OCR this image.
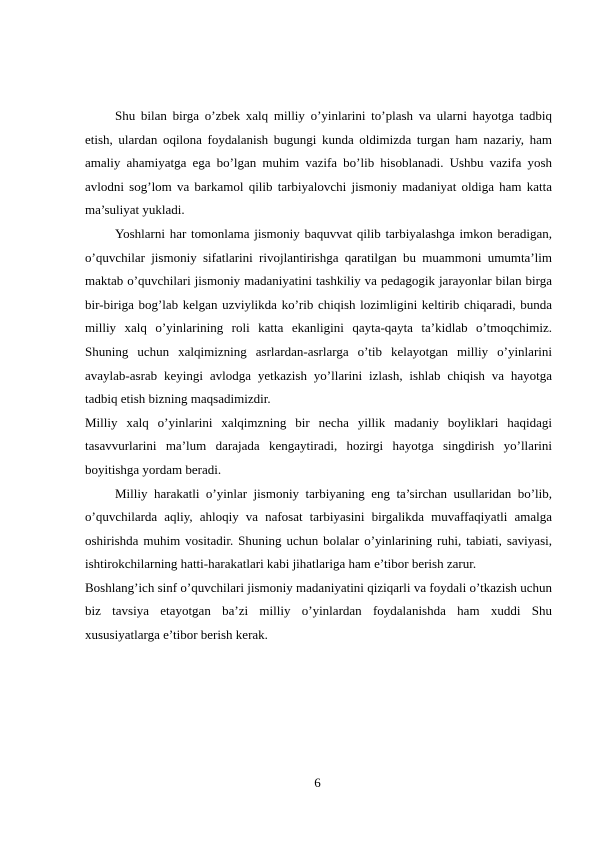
Shu bilan birga o’zbek xalq milliy o’yinlarini to’plash va ularni hayotga tadbiq etish, ulardan oqilona foydalanish bugungi kunda oldimizda turgan ham nazariy, ham amaliy ahamiyatga ega bo’lgan muhim vazifa bo’lib hisoblanadi. Ushbu vazifa yosh avlodni sog’lom va barkamol qilib tarbiyalovchi jismoniy madaniyat oldiga ham katta ma’suliyat yukladi.

Yoshlarni har tomonlama jismoniy baquvvat qilib tarbiyalashga imkon beradigan, o’quvchilar jismoniy sifatlarini rivojlantirishga qaratilgan bu muammoni umumta’lim maktab o’quvchilari jismoniy madaniyatini tashkiliy va pedagogik jarayonlar bilan birga bir-biriga bog’lab kelgan uzviylikda ko’rib chiqish lozimligini keltirib chiqaradi, bunda milliy xalq o’yinlarining roli katta ekanligini qayta-qayta ta’kidlab o’tmoqchimiz. Shuning uchun xalqimizning asrlardan-asrlarga o’tib kelayotgan milliy o’yinlarini avaylab-asrab keyingi avlodga yetkazish yo’llarini izlash, ishlab chiqish va hayotga tadbiq etish bizning maqsadimizdir.

Milliy xalq o’yinlarini xalqimzning bir necha yillik madaniy boyliklari haqidagi tasavvurlarini ma’lum darajada kengaytiradi, hozirgi hayotga singdirish yo’llarini boyitishga yordam beradi.

Milliy harakatli o’yinlar jismoniy tarbiyaning eng ta’sirchan usullaridan bo’lib, o’quvchilarda aqliy, ahloqiy va nafosat tarbiyasini birgalikda muvaffaqiyatli amalga oshirishda muhim vositadir. Shuning uchun bolalar o’yinlarining ruhi, tabiati, saviyasi, ishtirokchilarning hatti-harakatlari kabi jihatlariga ham e’tibor berish zarur.

Boshlang’ich sinf o’quvchilari jismoniy madaniyatini qiziqarli va foydali o’tkazish uchun biz tavsiya etayotgan ba’zi milliy o’yinlardan foydalanishda ham xuddi Shu xususiyatlarga e’tibor berish kerak.

6
